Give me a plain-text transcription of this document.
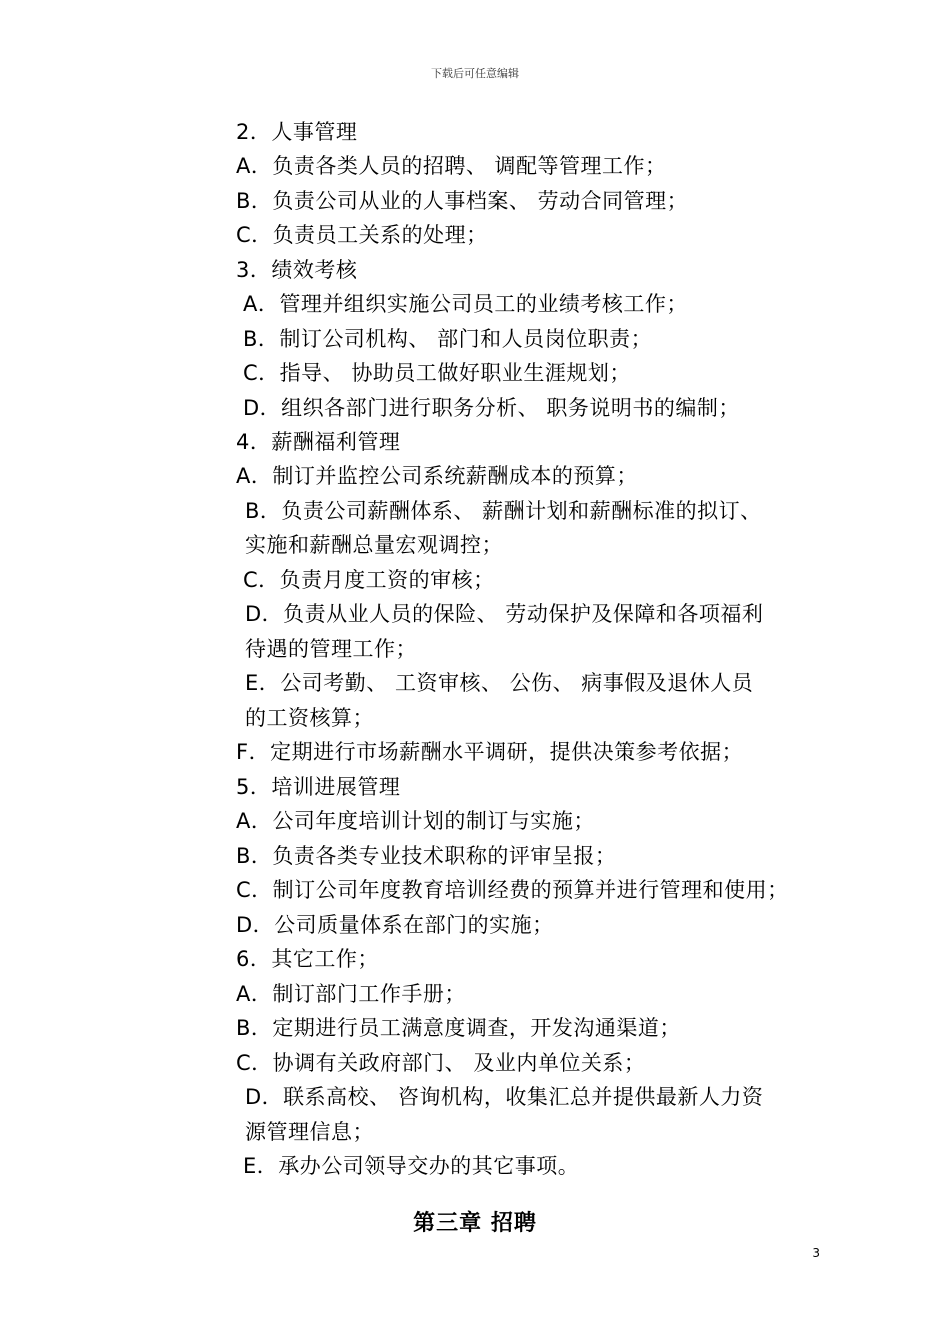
下载后可任意编辑
2．人事管理
A．负责各类人员的招聘、 调配等管理工作；
B．负责公司从业的人事档案、 劳动合同管理；
C．负责员工关系的处理；
3．绩效考核
A．管理并组织实施公司员工的业绩考核工作；
B．制订公司机构、 部门和人员岗位职责；
C．指导、 协助员工做好职业生涯规划；
D．组织各部门进行职务分析、 职务说明书的编制；
4．薪酬福利管理
A．制订并监控公司系统薪酬成本的预算；
B．负责公司薪酬体系、 薪酬计划和薪酬标准的拟订、
实施和薪酬总量宏观调控；
C．负责月度工资的审核；
D．负责从业人员的保险、 劳动保护及保障和各项福利
待遇的管理工作；
E．公司考勤、 工资审核、 公伤、 病事假及退休人员
的工资核算；
F．定期进行市场薪酬水平调研，提供决策参考依据；
5．培训进展管理
A．公司年度培训计划的制订与实施；
B．负责各类专业技术职称的评审呈报；
C．制订公司年度教育培训经费的预算并进行管理和使用；
D．公司质量体系在部门的实施；
6．其它工作；
A．制订部门工作手册；
B．定期进行员工满意度调查，开发沟通渠道；
C．协调有关政府部门、 及业内单位关系；
D．联系高校、 咨询机构，收集汇总并提供最新人力资
源管理信息；
E．承办公司领导交办的其它事项。
第三章 招聘
3
